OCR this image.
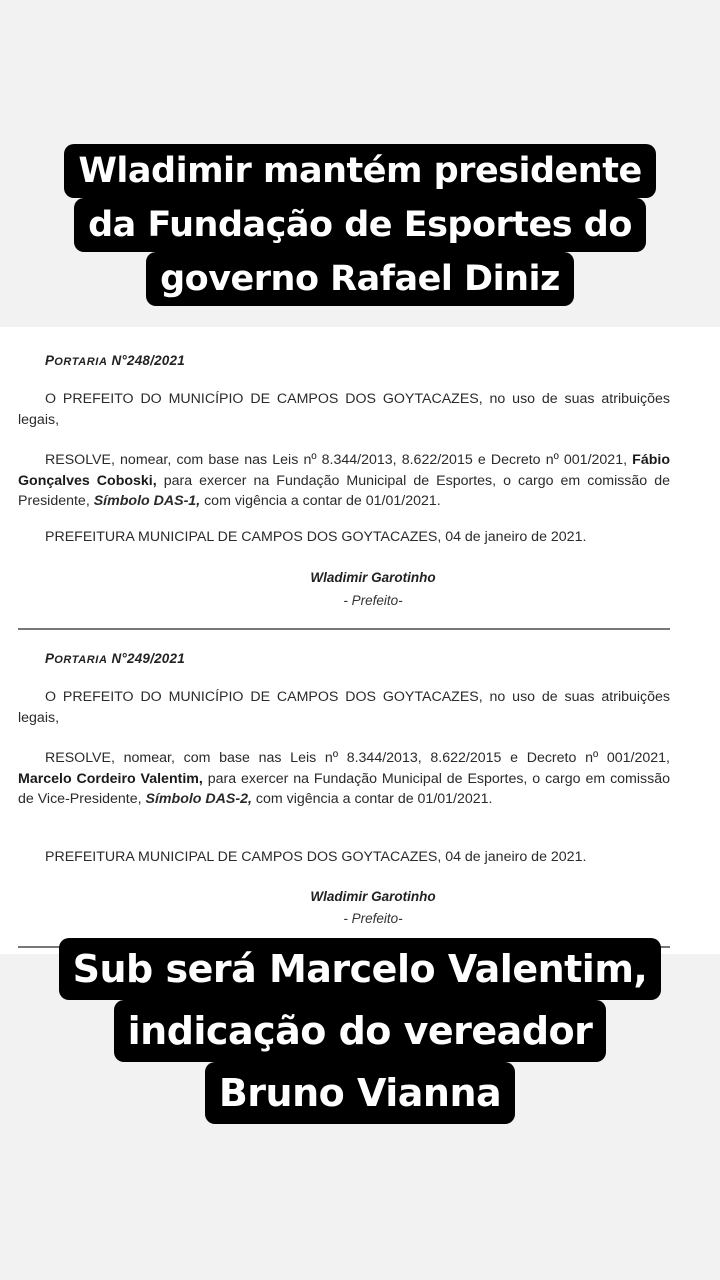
Wladimir mantém presidente
da Fundação de Esportes do
governo Rafael Diniz
PORTARIA N°248/2021
O PREFEITO DO MUNICÍPIO DE CAMPOS DOS GOYTACAZES, no uso de suas atribuições legais,
RESOLVE, nomear, com base nas Leis nº 8.344/2013, 8.622/2015 e Decreto nº 001/2021, Fábio Gonçalves Coboski, para exercer na Fundação Municipal de Esportes, o cargo em comissão de Presidente, Símbolo DAS-1, com vigência a contar de 01/01/2021.
PREFEITURA MUNICIPAL DE CAMPOS DOS GOYTACAZES, 04 de janeiro de 2021.
Wladimir Garotinho
- Prefeito-
PORTARIA N°249/2021
O PREFEITO DO MUNICÍPIO DE CAMPOS DOS GOYTACAZES, no uso de suas atribuições legais,
RESOLVE, nomear, com base nas Leis nº 8.344/2013, 8.622/2015 e Decreto nº 001/2021, Marcelo Cordeiro Valentim, para exercer na Fundação Municipal de Esportes, o cargo em comissão de Vice-Presidente, Símbolo DAS-2, com vigência a contar de 01/01/2021.
PREFEITURA MUNICIPAL DE CAMPOS DOS GOYTACAZES, 04 de janeiro de 2021.
Wladimir Garotinho
- Prefeito-
Sub será Marcelo Valentim,
indicação do vereador
Bruno Vianna
